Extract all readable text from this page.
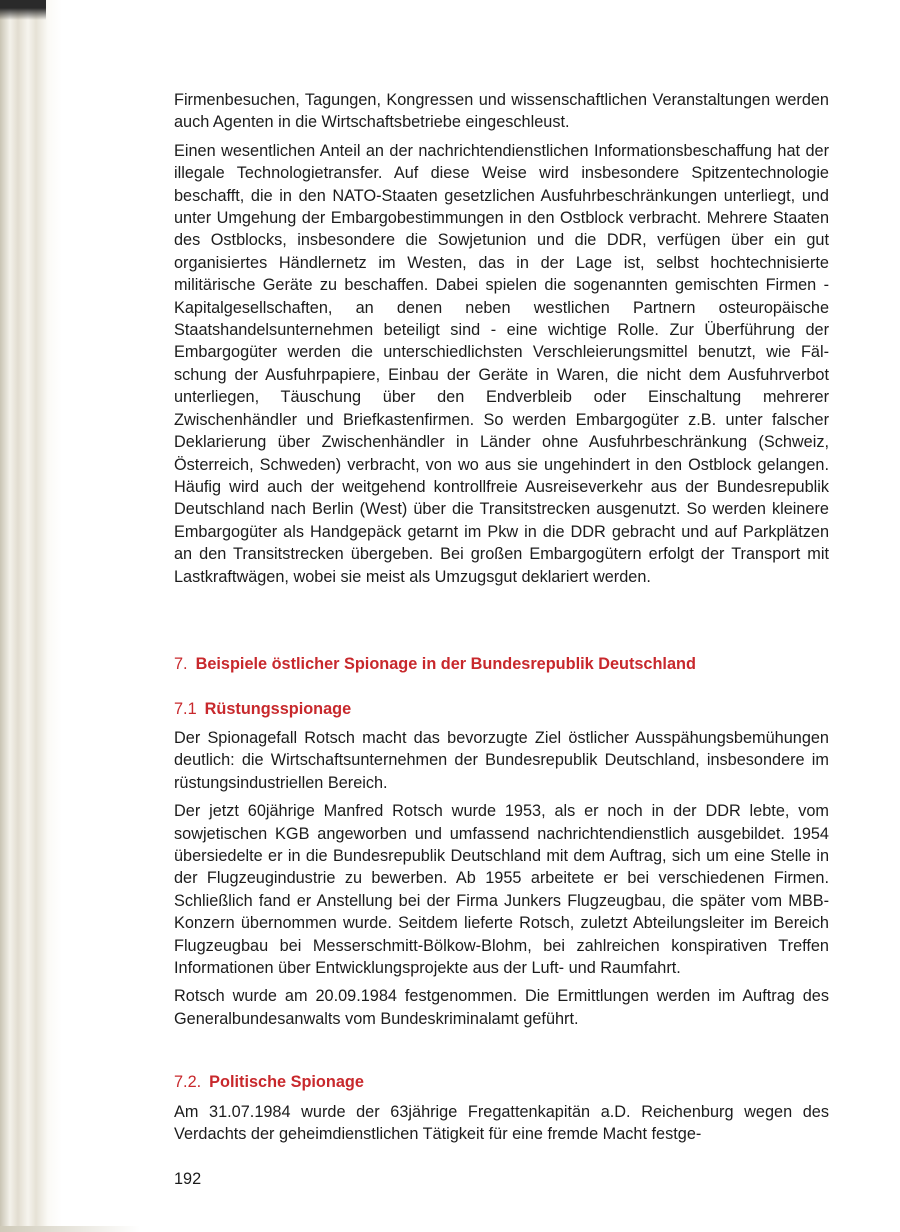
Firmenbesuchen, Tagungen, Kongressen und wissenschaftlichen Veranstaltungen werden auch Agenten in die Wirtschaftsbetriebe eingeschleust.

Einen wesentlichen Anteil an der nachrichtendienstlichen Informationsbeschaffung hat der illegale Technologietransfer. Auf diese Weise wird insbesondere Spitzentechnologie beschafft, die in den NATO-Staaten gesetzlichen Ausfuhrbeschränkungen unterliegt, und unter Umgehung der Embargobestimmungen in den Ostblock verbracht. Mehrere Staaten des Ostblocks, insbesondere die Sowjetunion und die DDR, verfügen über ein gut organisiertes Händlernetz im Westen, das in der Lage ist, selbst hochtechnisierte militärische Geräte zu beschaffen. Dabei spielen die sogenannten gemischten Firmen - Kapitalgesellschaften, an denen neben westlichen Partnern osteuropäische Staatshandelsunternehmen beteiligt sind - eine wichtige Rolle. Zur Überführung der Embargogüter werden die unterschiedlichsten Verschleierungsmittel benutzt, wie Fälschung der Ausfuhrpapiere, Einbau der Geräte in Waren, die nicht dem Ausfuhrverbot unterliegen, Täuschung über den Endverbleib oder Einschaltung mehrerer Zwischenhändler und Briefkastenfirmen. So werden Embargogüter z.B. unter falscher Deklarierung über Zwischenhändler in Länder ohne Ausfuhrbeschränkung (Schweiz, Österreich, Schweden) verbracht, von wo aus sie ungehindert in den Ostblock gelangen. Häufig wird auch der weitgehend kontrollfreie Ausreiseverkehr aus der Bundesrepublik Deutschland nach Berlin (West) über die Transitstrecken ausgenutzt. So werden kleinere Embargogüter als Handgepäck getarnt im Pkw in die DDR gebracht und auf Parkplätzen an den Transitstrecken übergeben. Bei großen Embargogütern erfolgt der Transport mit Lastkraftwägen, wobei sie meist als Umzugsgut deklariert werden.

7. Beispiele östlicher Spionage in der Bundesrepublik Deutschland
7.1 Rüstungsspionage

Der Spionagefall Rotsch macht das bevorzugte Ziel östlicher Ausspähungsbemühungen deutlich: die Wirtschaftsunternehmen der Bundesrepublik Deutschland, insbesondere im rüstungsindustriellen Bereich.

Der jetzt 60jährige Manfred Rotsch wurde 1953, als er noch in der DDR lebte, vom sowjetischen KGB angeworben und umfassend nachrichtendienstlich ausgebildet. 1954 übersiedelte er in die Bundesrepublik Deutschland mit dem Auftrag, sich um eine Stelle in der Flugzeugindustrie zu bewerben. Ab 1955 arbeitete er bei verschiedenen Firmen. Schließlich fand er Anstellung bei der Firma Junkers Flugzeugbau, die später vom MBB-Konzern übernommen wurde. Seitdem lieferte Rotsch, zuletzt Abteilungsleiter im Bereich Flugzeugbau bei Messerschmitt-Bölkow-Blohm, bei zahlreichen konspirativen Treffen Informationen über Entwicklungsprojekte aus der Luft- und Raumfahrt.

Rotsch wurde am 20.09.1984 festgenommen. Die Ermittlungen werden im Auftrag des Generalbundesanwalts vom Bundeskriminalamt geführt.

7.2. Politische Spionage

Am 31.07.1984 wurde der 63jährige Fregattenkapitän a.D. Reichenburg wegen des Verdachts der geheimdienstlichen Tätigkeit für eine fremde Macht festge-

192
